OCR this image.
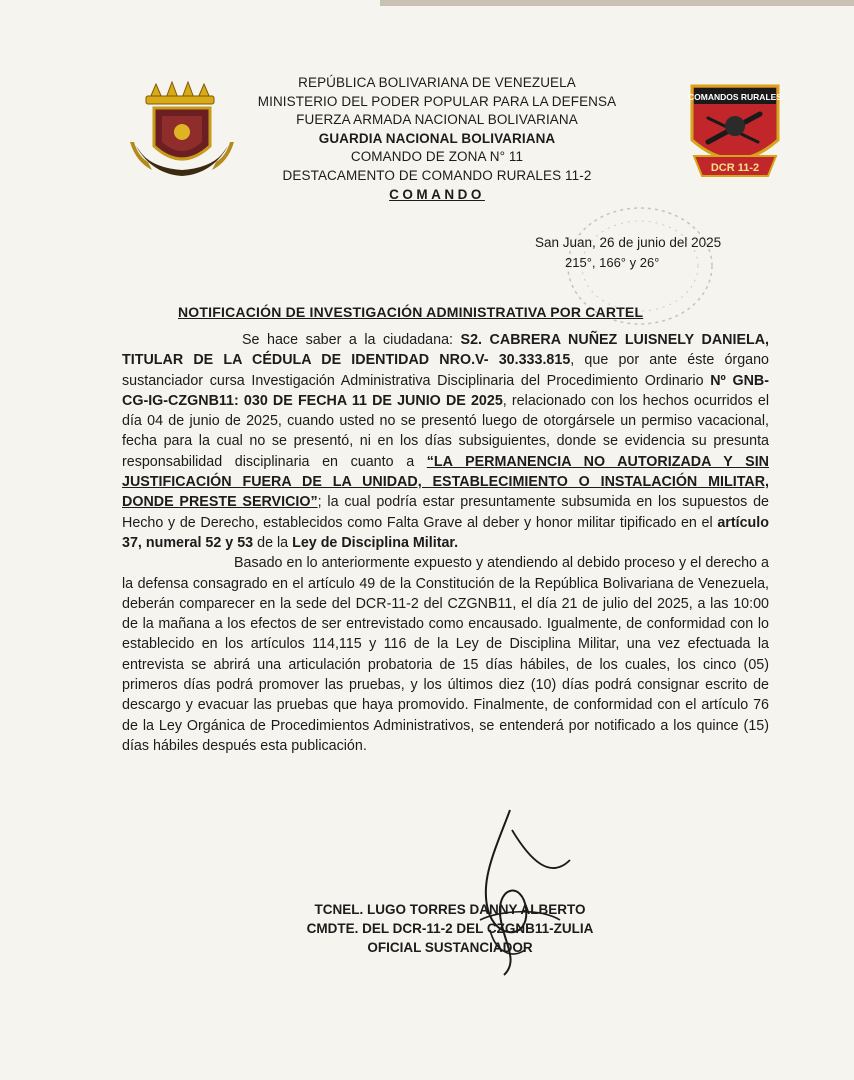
COMANDOS RURALES
DCR 11-2
REPÚBLICA BOLIVARIANA DE VENEZUELA
MINISTERIO DEL PODER POPULAR PARA LA DEFENSA
FUERZA ARMADA NACIONAL BOLIVARIANA
GUARDIA NACIONAL BOLIVARIANA
COMANDO DE ZONA N° 11
DESTACAMENTO DE COMANDO RURALES 11-2
COMANDO
San Juan, 26 de junio del 2025
215°, 166° y 26°
NOTIFICACIÓN DE INVESTIGACIÓN ADMINISTRATIVA POR CARTEL

Se hace saber a la ciudadana: S2. CABRERA NUÑEZ LUISNELY DANIELA, TITULAR DE LA CÉDULA DE IDENTIDAD NRO.V- 30.333.815, que por ante éste órgano sustanciador cursa Investigación Administrativa Disciplinaria del Procedimiento Ordinario Nº GNB-CG-IG-CZGNB11: 030 DE FECHA 11 DE JUNIO DE 2025, relacionado con los hechos ocurridos el día 04 de junio de 2025, cuando usted no se presentó luego de otorgársele un permiso vacacional, fecha para la cual no se presentó, ni en los días subsiguientes, donde se evidencia su presunta responsabilidad disciplinaria en cuanto a “LA PERMANENCIA NO AUTORIZADA Y SIN JUSTIFICACIÓN FUERA DE LA UNIDAD, ESTABLECIMIENTO O INSTALACIÓN MILITAR, DONDE PRESTE SERVICIO”; la cual podría estar presuntamente subsumida en los supuestos de Hecho y de Derecho, establecidos como Falta Grave al deber y honor militar tipificado en el artículo 37, numeral 52 y 53 de la Ley de Disciplina Militar.

Basado en lo anteriormente expuesto y atendiendo al debido proceso y el derecho a la defensa consagrado en el artículo 49 de la Constitución de la República Bolivariana de Venezuela, deberán comparecer en la sede del DCR-11-2 del CZGNB11, el día 21 de julio del 2025, a las 10:00 de la mañana a los efectos de ser entrevistado como encausado. Igualmente, de conformidad con lo establecido en los artículos 114,115 y 116 de la Ley de Disciplina Militar, una vez efectuada la entrevista se abrirá una articulación probatoria de 15 días hábiles, de los cuales, los cinco (05) primeros días podrá promover las pruebas, y los últimos diez (10) días podrá consignar escrito de descargo y evacuar las pruebas que haya promovido. Finalmente, de conformidad con el artículo 76 de la Ley Orgánica de Procedimientos Administrativos, se entenderá por notificado a los quince (15) días hábiles después esta publicación.

TCNEL. LUGO TORRES DANNY ALBERTO
CMDTE. DEL DCR-11-2 DEL CZGNB11-ZULIA
OFICIAL SUSTANCIADOR
